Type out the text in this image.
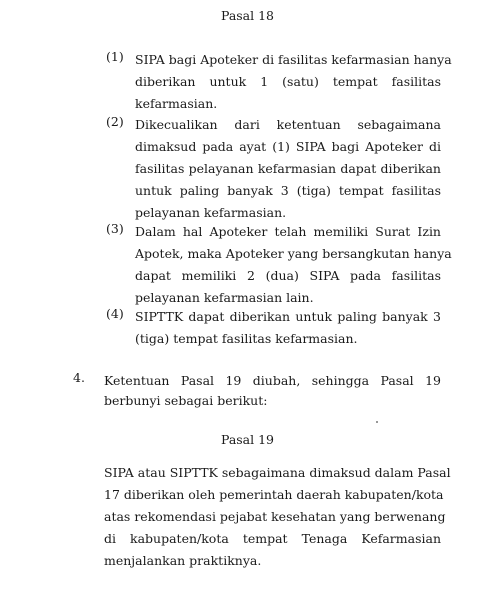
Pasal 18
(1) SIPA bagi Apoteker di fasilitas kefarmasian hanya
diberikan untuk 1 (satu) tempat fasilitas
kefarmasian.
(2) Dikecualikan dari ketentuan sebagaimana
dimaksud pada ayat (1) SIPA bagi Apoteker di
fasilitas pelayanan kefarmasian dapat diberikan
untuk paling banyak 3 (tiga) tempat fasilitas
pelayanan kefarmasian.
(3) Dalam hal Apoteker telah memiliki Surat Izin
Apotek, maka Apoteker yang bersangkutan hanya
dapat memiliki 2 (dua) SIPA pada fasilitas
pelayanan kefarmasian lain.
(4) SIPTTK dapat diberikan untuk paling banyak 3
(tiga) tempat fasilitas kefarmasian.
4. Ketentuan Pasal 19 diubah, sehingga Pasal 19
berbunyi sebagai berikut:
Pasal 19
SIPA atau SIPTTK sebagaimana dimaksud dalam Pasal
17 diberikan oleh pemerintah daerah kabupaten/kota
atas rekomendasi pejabat kesehatan yang berwenang
di kabupaten/kota tempat Tenaga Kefarmasian
menjalankan praktiknya.
